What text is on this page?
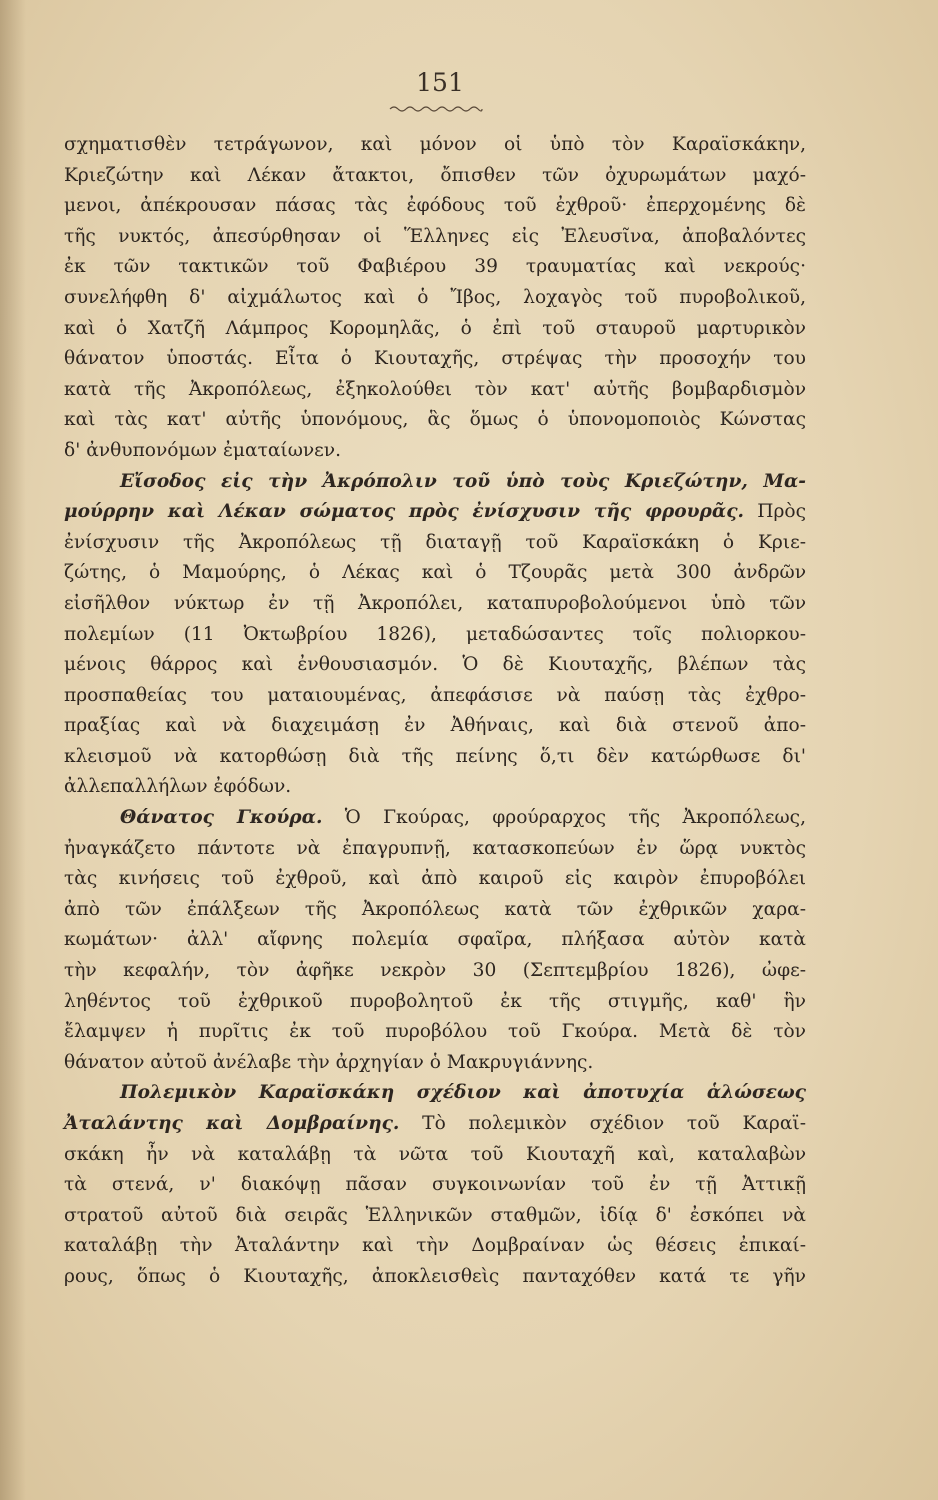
151
σχηματισθὲν τετράγωνον, καὶ μόνον οἱ ὑπὸ τὸν Καραϊσκάκην,
Κριεζώτην καὶ Λέκαν ἄτακτοι, ὄπισθεν τῶν ὀχυρωμάτων μαχό-
μενοι, ἀπέκρουσαν πάσας τὰς ἐφόδους τοῦ ἐχθροῦ· ἐπερχομένης δὲ
τῆς νυκτός, ἀπεσύρθησαν οἱ Ἕλληνες εἰς Ἐλευσῖνα, ἀποβαλόντες
ἐκ τῶν τακτικῶν τοῦ Φαβιέρου 39 τραυματίας καὶ νεκρούς·
συνελήφθη δ' αἰχμάλωτος καὶ ὁ Ἴβος, λοχαγὸς τοῦ πυροβολικοῦ,
καὶ ὁ Χατζῆ Λάμπρος Κορομηλᾶς, ὁ ἐπὶ τοῦ σταυροῦ μαρτυρικὸν
θάνατον ὑποστάς. Εἶτα ὁ Κιουταχῆς, στρέψας τὴν προσοχήν του
κατὰ τῆς Ἀκροπόλεως, ἐξηκολούθει τὸν κατ' αὐτῆς βομβαρδισμὸν
καὶ τὰς κατ' αὐτῆς ὑπονόμους, ἃς ὅμως ὁ ὑπονομοποιὸς Κώνστας
δ' ἀνθυπονόμων ἐματαίωνεν.
Εἴσοδος εἰς τὴν Ἀκρόπολιν τοῦ ὑπὸ τοὺς Κριεζώτην, Μα-
μούρρην καὶ Λέκαν σώματος πρὸς ἐνίσχυσιν τῆς φρουρᾶς. Πρὸς
ἐνίσχυσιν τῆς Ἀκροπόλεως τῇ διαταγῇ τοῦ Καραϊσκάκη ὁ Κριε-
ζώτης, ὁ Μαμούρης, ὁ Λέκας καὶ ὁ Τζουρᾶς μετὰ 300 ἀνδρῶν
εἰσῆλθον νύκτωρ ἐν τῇ Ἀκροπόλει, καταπυροβολούμενοι ὑπὸ τῶν
πολεμίων (11 Ὀκτωβρίου 1826), μεταδώσαντες τοῖς πολιορκου-
μένοις θάρρος καὶ ἐνθουσιασμόν. Ὁ δὲ Κιουταχῆς, βλέπων τὰς
προσπαθείας του ματαιουμένας, ἀπεφάσισε νὰ παύσῃ τὰς ἐχθρο-
πραξίας καὶ νὰ διαχειμάσῃ ἐν Ἀθήναις, καὶ διὰ στενοῦ ἀπο-
κλεισμοῦ νὰ κατορθώσῃ διὰ τῆς πείνης ὅ,τι δὲν κατώρθωσε δι'
ἀλλεπαλλήλων ἐφόδων.
Θάνατος Γκούρα. Ὁ Γκούρας, φρούραρχος τῆς Ἀκροπόλεως,
ἠναγκάζετο πάντοτε νὰ ἐπαγρυπνῇ, κατασκοπεύων ἐν ὥρᾳ νυκτὸς
τὰς κινήσεις τοῦ ἐχθροῦ, καὶ ἀπὸ καιροῦ εἰς καιρὸν ἐπυροβόλει
ἀπὸ τῶν ἐπάλξεων τῆς Ἀκροπόλεως κατὰ τῶν ἐχθρικῶν χαρα-
κωμάτων· ἀλλ' αἴφνης πολεμία σφαῖρα, πλήξασα αὐτὸν κατὰ
τὴν κεφαλήν, τὸν ἀφῆκε νεκρὸν 30 (Σεπτεμβρίου 1826), ὠφε-
ληθέντος τοῦ ἐχθρικοῦ πυροβολητοῦ ἐκ τῆς στιγμῆς, καθ' ἣν
ἔλαμψεν ἡ πυρῖτις ἐκ τοῦ πυροβόλου τοῦ Γκούρα. Μετὰ δὲ τὸν
θάνατον αὐτοῦ ἀνέλαβε τὴν ἀρχηγίαν ὁ Μακρυγιάννης.
Πολεμικὸν Καραϊσκάκη σχέδιον καὶ ἀποτυχία ἁλώσεως
Ἀταλάντης καὶ Δομβραίνης. Τὸ πολεμικὸν σχέδιον τοῦ Καραϊ-
σκάκη ἦν νὰ καταλάβῃ τὰ νῶτα τοῦ Κιουταχῆ καὶ, καταλαβὼν
τὰ στενά, ν' διακόψῃ πᾶσαν συγκοινωνίαν τοῦ ἐν τῇ Ἀττικῇ
στρατοῦ αὐτοῦ διὰ σειρᾶς Ἑλληνικῶν σταθμῶν, ἰδίᾳ δ' ἐσκόπει νὰ
καταλάβῃ τὴν Ἀταλάντην καὶ τὴν Δομβραίναν ὡς θέσεις ἐπικαί-
ρους, ὅπως ὁ Κιουταχῆς, ἀποκλεισθεὶς πανταχόθεν κατά τε γῆν
